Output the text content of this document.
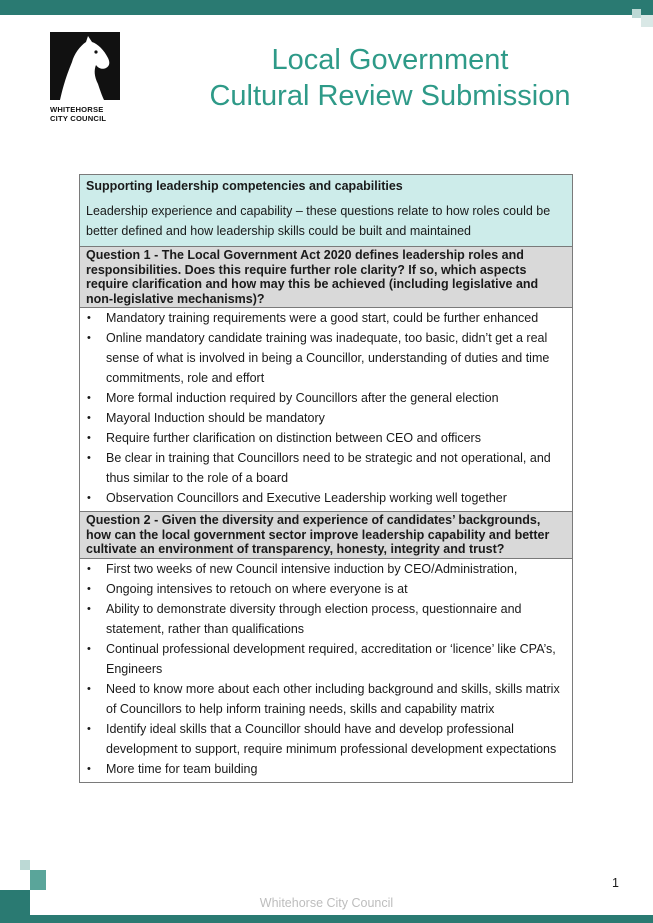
WHITEHORSE
CITY COUNCIL
Local Government
Cultural Review Submission
Supporting leadership competencies and capabilities
Leadership experience and capability – these questions relate to how roles could be better defined and how leadership skills could be built and maintained
Question 1 - The Local Government Act 2020 defines leadership roles and responsibilities. Does this require further role clarity? If so, which aspects require clarification and how may this be achieved (including legislative and non-legislative mechanisms)?
• Mandatory training requirements were a good start, could be further enhanced
• Online mandatory candidate training was inadequate, too basic, didn’t get a real sense of what is involved in being a Councillor, understanding of duties and time commitments, role and effort
• More formal induction required by Councillors after the general election
• Mayoral Induction should be mandatory
• Require further clarification on distinction between CEO and officers
• Be clear in training that Councillors need to be strategic and not operational, and thus similar to the role of a board
• Observation Councillors and Executive Leadership working well together
Question 2 - Given the diversity and experience of candidates’ backgrounds, how can the local government sector improve leadership capability and better cultivate an environment of transparency, honesty, integrity and trust?
• First two weeks of new Council intensive induction by CEO/Administration,
• Ongoing intensives to retouch on where everyone is at
• Ability to demonstrate diversity through election process, questionnaire and statement, rather than qualifications
• Continual professional development required, accreditation or ‘licence’ like CPA’s, Engineers
• Need to know more about each other including background and skills, skills matrix of Councillors to help inform training needs, skills and capability matrix
• Identify ideal skills that a Councillor should have and develop professional development to support, require minimum professional development expectations
• More time for team building
1
Whitehorse City Council
